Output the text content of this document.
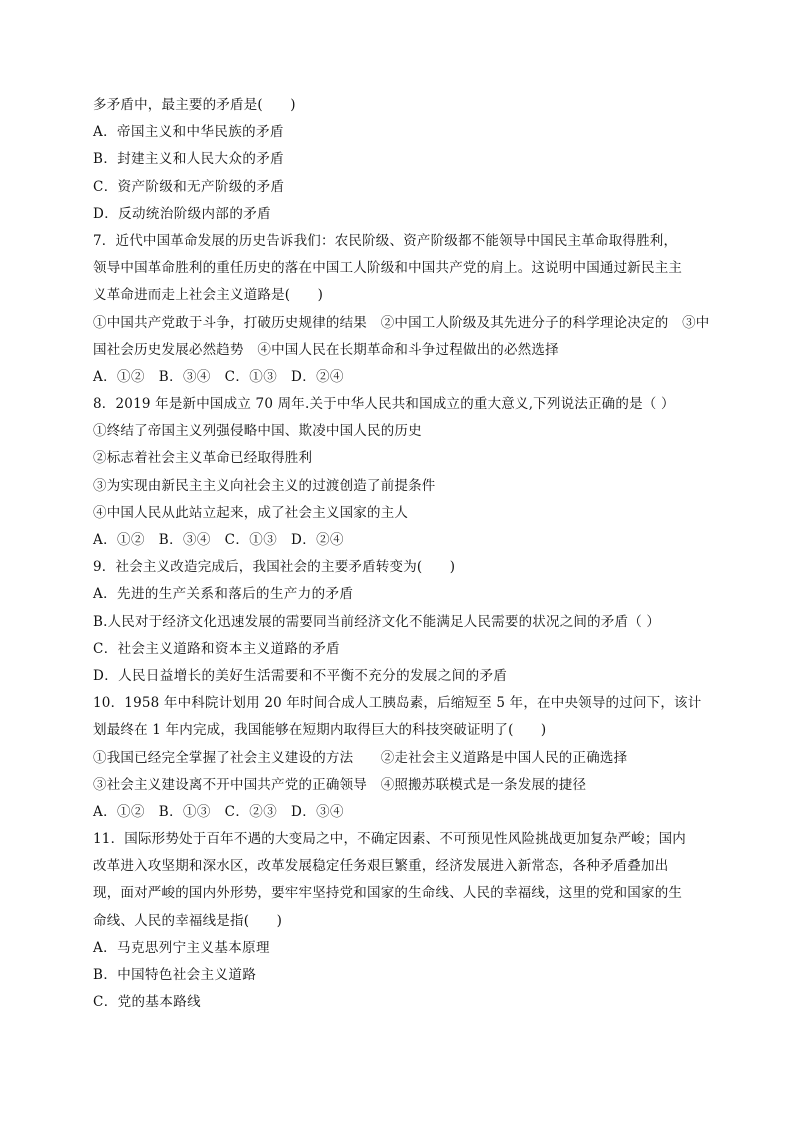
多矛盾中，最主要的矛盾是(　　)
A．帝国主义和中华民族的矛盾
B．封建主义和人民大众的矛盾
C．资产阶级和无产阶级的矛盾
D．反动统治阶级内部的矛盾
7．近代中国革命发展的历史告诉我们：农民阶级、资产阶级都不能领导中国民主革命取得胜利，
领导中国革命胜利的重任历史的落在中国工人阶级和中国共产党的肩上。这说明中国通过新民主主
义革命进而走上社会主义道路是(　　)
①中国共产党敢于斗争，打破历史规律的结果　②中国工人阶级及其先进分子的科学理论决定的　③中
国社会历史发展必然趋势　④中国人民在长期革命和斗争过程做出的必然选择
A．①②　B．③④　C．①③　D．②④
8．2019 年是新中国成立 70 周年.关于中华人民共和国成立的重大意义,下列说法正确的是（ ）
①终结了帝国主义列强侵略中国、欺凌中国人民的历史
②标志着社会主义革命已经取得胜利
③为实现由新民主主义向社会主义的过渡创造了前提条件
④中国人民从此站立起来，成了社会主义国家的主人
A．①②　B．③④　C．①③　D．②④
9．社会主义改造完成后，我国社会的主要矛盾转变为(　　)
A．先进的生产关系和落后的生产力的矛盾
B.人民对于经济文化迅速发展的需要同当前经济文化不能满足人民需要的状况之间的矛盾（ ）
C．社会主义道路和资本主义道路的矛盾
D．人民日益增长的美好生活需要和不平衡不充分的发展之间的矛盾
10．1958 年中科院计划用 20 年时间合成人工胰岛素，后缩短至 5 年，在中央领导的过问下，该计
划最终在 1 年内完成，我国能够在短期内取得巨大的科技突破证明了(　　)
①我国已经完全掌握了社会主义建设的方法　　②走社会主义道路是中国人民的正确选择
③社会主义建设离不开中国共产党的正确领导　④照搬苏联模式是一条发展的捷径
A．①②　B．①③　C．②③　D．③④
11．国际形势处于百年不遇的大变局之中，不确定因素、不可预见性风险挑战更加复杂严峻；国内
改革进入攻坚期和深水区，改革发展稳定任务艰巨繁重，经济发展进入新常态，各种矛盾叠加出
现，面对严峻的国内外形势，要牢牢坚持党和国家的生命线、人民的幸福线，这里的党和国家的生
命线、人民的幸福线是指(　　)
A．马克思列宁主义基本原理
B．中国特色社会主义道路
C．党的基本路线
